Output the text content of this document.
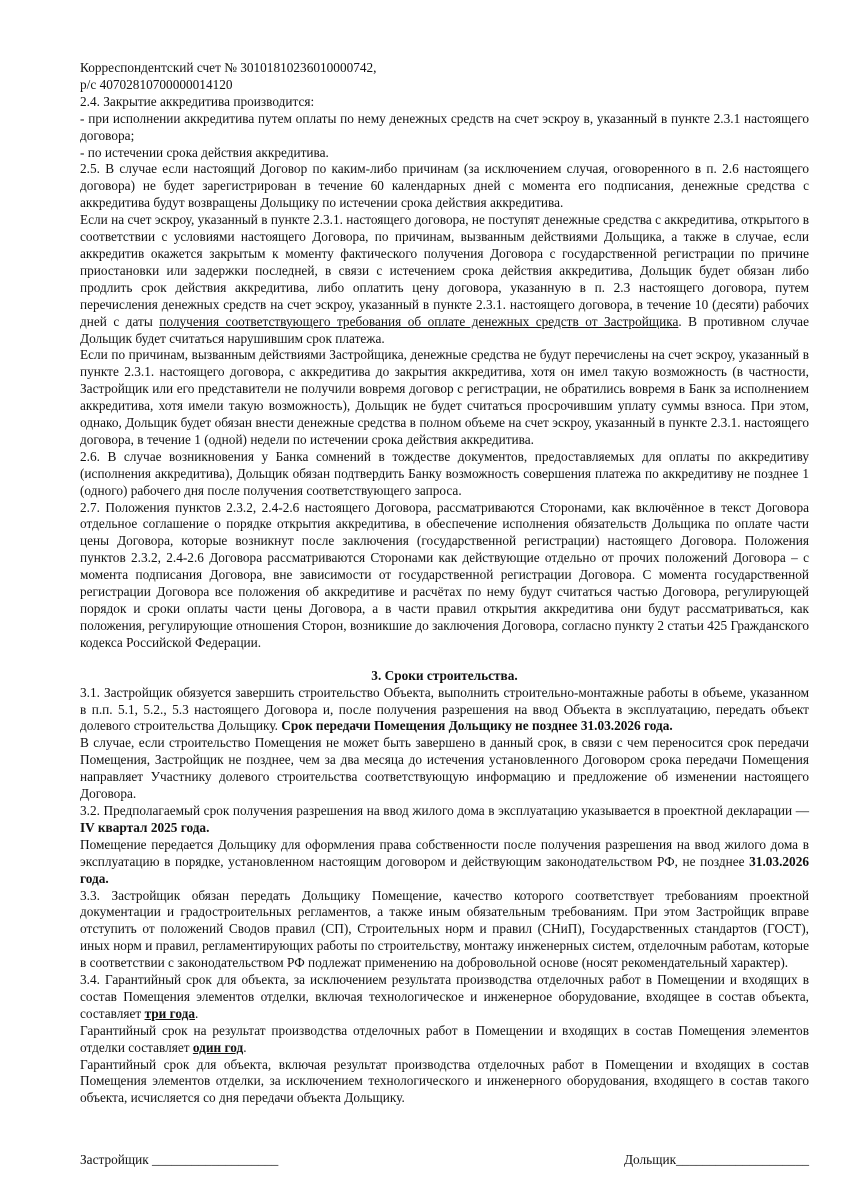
Корреспондентский счет № 30101810236010000742,

р/с 40702810700000014120

2.4. Закрытие аккредитива производится:

- при исполнении аккредитива путем оплаты по нему денежных средств на счет эскроу в, указанный в пункте 2.3.1 настоящего договора;

- по истечении срока действия аккредитива.

2.5. В случае если настоящий Договор по каким-либо причинам (за исключением случая, оговоренного в п. 2.6 настоящего договора) не будет зарегистрирован в течение 60 календарных дней с момента его подписания, денежные средства с аккредитива будут возвращены Дольщику по истечении срока действия аккредитива.

Если на счет эскроу, указанный в пункте 2.3.1. настоящего договора, не поступят денежные средства с аккредитива, открытого в соответствии с условиями настоящего Договора, по причинам, вызванным действиями Дольщика, а также в случае, если аккредитив окажется закрытым к моменту фактического получения Договора с государственной регистрации по причине приостановки или задержки последней, в связи с истечением срока действия аккредитива, Дольщик будет обязан либо продлить срок действия аккредитива, либо оплатить цену договора, указанную в п. 2.3 настоящего договора, путем перечисления денежных средств на счет эскроу, указанный в пункте 2.3.1. настоящего договора, в течение 10 (десяти) рабочих дней с даты получения соответствующего требования об оплате денежных средств от Застройщика. В противном случае Дольщик будет считаться нарушившим срок платежа.

Если по причинам, вызванным действиями Застройщика, денежные средства не будут перечислены на счет эскроу, указанный в пункте 2.3.1. настоящего договора, с аккредитива до закрытия аккредитива, хотя он имел такую возможность (в частности, Застройщик или его представители не получили вовремя договор с регистрации, не обратились вовремя в Банк за исполнением аккредитива, хотя имели такую возможность), Дольщик не будет считаться просрочившим уплату суммы взноса. При этом, однако, Дольщик будет обязан внести денежные средства в полном объеме на счет эскроу, указанный в пункте 2.3.1. настоящего договора, в течение 1 (одной) недели по истечении срока действия аккредитива.

2.6. В случае возникновения у Банка сомнений в тождестве документов, предоставляемых для оплаты по аккредитиву (исполнения аккредитива), Дольщик обязан подтвердить Банку возможность совершения платежа по аккредитиву не позднее 1 (одного) рабочего дня после получения соответствующего запроса.

2.7. Положения пунктов 2.3.2, 2.4-2.6 настоящего Договора, рассматриваются Сторонами, как включённое в текст Договора отдельное соглашение о порядке открытия аккредитива, в обеспечение исполнения обязательств Дольщика по оплате части цены Договора, которые возникнут после заключения (государственной регистрации) настоящего Договора. Положения пунктов 2.3.2, 2.4-2.6 Договора рассматриваются Сторонами как действующие отдельно от прочих положений Договора – с момента подписания Договора, вне зависимости от государственной регистрации Договора. С момента государственной регистрации Договора все положения об аккредитиве и расчётах по нему будут считаться частью Договора, регулирующей порядок и сроки оплаты части цены Договора, а в части правил открытия аккредитива они будут рассматриваться, как положения, регулирующие отношения Сторон, возникшие до заключения Договора, согласно пункту 2 статьи 425 Гражданского кодекса Российской Федерации.

3. Сроки строительства.

3.1. Застройщик обязуется завершить строительство Объекта, выполнить строительно-монтажные работы в объеме, указанном в п.п. 5.1, 5.2., 5.3 настоящего Договора и, после получения разрешения на ввод Объекта в эксплуатацию, передать объект долевого строительства Дольщику. Срок передачи Помещения Дольщику не позднее 31.03.2026 года.

В случае, если строительство Помещения не может быть завершено в данный срок, в связи с чем переносится срок передачи Помещения, Застройщик не позднее, чем за два месяца до истечения установленного Договором срока передачи Помещения направляет Участнику долевого строительства соответствующую информацию и предложение об изменении настоящего Договора.

3.2. Предполагаемый срок получения разрешения на ввод жилого дома в эксплуатацию указывается в проектной декларации — IV квартал 2025 года.

Помещение передается Дольщику для оформления права собственности после получения разрешения на ввод жилого дома в эксплуатацию в порядке, установленном настоящим договором и действующим законодательством РФ, не позднее 31.03.2026 года.

3.3. Застройщик обязан передать Дольщику Помещение, качество которого соответствует требованиям проектной документации и градостроительных регламентов, а также иным обязательным требованиям. При этом Застройщик вправе отступить от положений Сводов правил (СП), Строительных норм и правил (СНиП), Государственных стандартов (ГОСТ), иных норм и правил, регламентирующих работы по строительству, монтажу инженерных систем, отделочным работам, которые в соответствии с законодательством РФ подлежат применению на добровольной основе (носят рекомендательный характер).

3.4. Гарантийный срок для объекта, за исключением результата производства отделочных работ в Помещении и входящих в состав Помещения элементов отделки, включая технологическое и инженерное оборудование, входящее в состав объекта, составляет три года.

Гарантийный срок на результат производства отделочных работ в Помещении и входящих в состав Помещения элементов отделки составляет один год.

Гарантийный срок для объекта, включая результат производства отделочных работ в Помещении и входящих в состав Помещения элементов отделки, за исключением технологического и инженерного оборудования, входящего в состав такого объекта, исчисляется со дня передачи объекта Дольщику.

Застройщик ___________________	Дольщик____________________
